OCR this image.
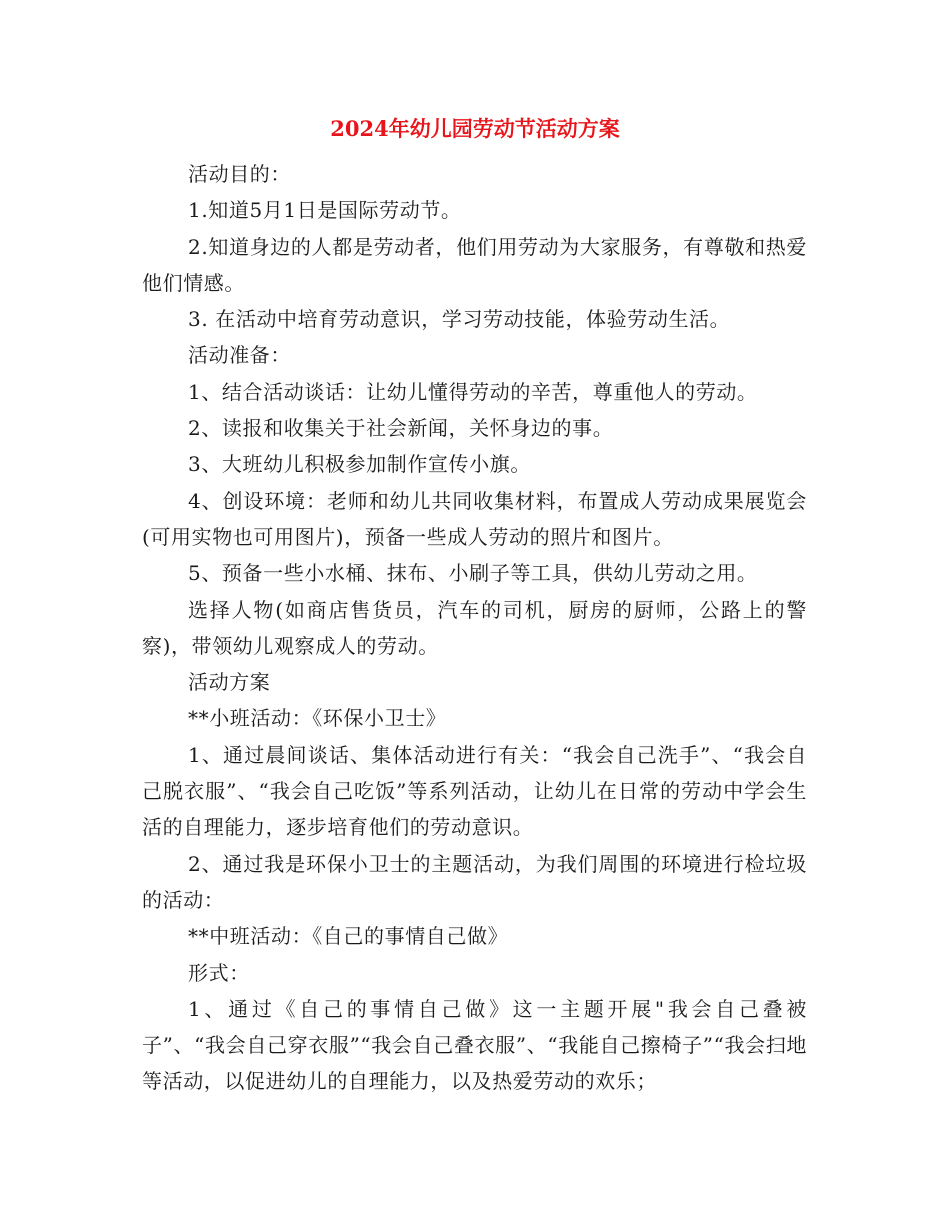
2024年幼儿园劳动节活动方案

活动目的：

1.知道5月1日是国际劳动节。

2.知道身边的人都是劳动者，他们用劳动为大家服务，有尊敬和热爱他们情感。

3. 在活动中培育劳动意识，学习劳动技能，体验劳动生活。

活动准备：

1、结合活动谈话：让幼儿懂得劳动的辛苦，尊重他人的劳动。

2、读报和收集关于社会新闻，关怀身边的事。

3、大班幼儿积极参加制作宣传小旗。

4、创设环境：老师和幼儿共同收集材料，布置成人劳动成果展览会(可用实物也可用图片)，预备一些成人劳动的照片和图片。

5、预备一些小水桶、抹布、小刷子等工具，供幼儿劳动之用。

选择人物(如商店售货员，汽车的司机，厨房的厨师，公路上的警察)，带领幼儿观察成人的劳动。

活动方案

**小班活动：《环保小卫士》

1、通过晨间谈话、集体活动进行有关：“我会自己洗手”、“我会自己脱衣服”、“我会自己吃饭”等系列活动，让幼儿在日常的劳动中学会生活的自理能力，逐步培育他们的劳动意识。

2、通过我是环保小卫士的主题活动，为我们周围的环境进行检垃圾的活动：

**中班活动：《自己的事情自己做》

形式：

1、通过《自己的事情自己做》这一主题开展"我会自己叠被子”、“我会自己穿衣服”“我会自己叠衣服”、“我能自己擦椅子”“我会扫地等活动，以促进幼儿的自理能力，以及热爱劳动的欢乐；
